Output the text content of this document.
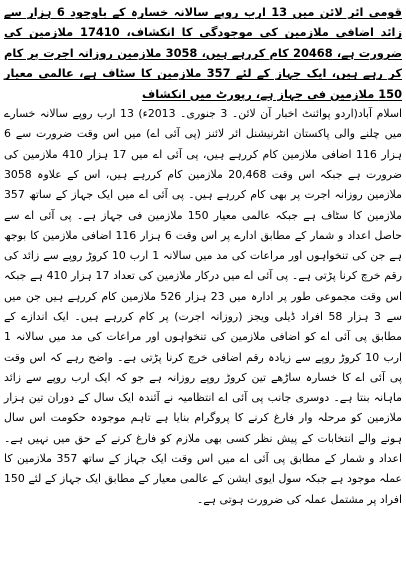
قومی ائر لائن میں 13 ارب روپے سالانہ خسارہ کے باوجود 6 ہزار سے زائد اضافی ملازمین کی موجودگی کا انکشاف، 17410 ملازمین کی ضرورت ہے، 20468 کام کررہے ہیں، 3058 ملازمین روزانہ اجرت پر کام کر رہے ہیں، ایک جہاز کے لئے 357 ملازمین کا سٹاف ہے، عالمی معیار 150 ملازمین فی جہاز ہے، رپورٹ میں انکشاف

اسلام آباد(اردو پوائنٹ اخبار آن لائن۔ 3 جنوری۔ 2013ء) 13 ارب روپے سالانہ خسارے میں چلنے والی پاکستان انٹرنیشنل ائر لائنز (پی آئی اے) میں اس وقت ضرورت سے 6 ہزار 116 اضافی ملازمین کام کررہے ہیں، پی آئی اے میں 17 ہزار 410 ملازمین کی ضرورت ہے جبکہ اس وقت 20,468 ملازمین کام کررہے ہیں، اس کے علاوہ 3058 ملازمین روزانہ اجرت پر بھی کام کررہے ہیں۔ پی آئی اے میں ایک جہاز کے ساتھ 357 ملازمین کا سٹاف ہے جبکہ عالمی معیار 150 ملازمین فی جہاز ہے۔ پی آئی اے سے حاصل اعداد و شمار کے مطابق ادارے پر اس وقت 6 ہزار 116 اضافی ملازمین کا بوجھ ہے جن کی تنخواہوں اور مراعات کی مد میں سالانہ 1 ارب 10 کروڑ روپے سے زائد کی رقم خرچ کرنا پڑتی ہے۔ پی آئی اے میں درکار ملازمین کی تعداد 17 ہزار 410 ہے جبکہ اس وقت مجموعی طور پر ادارہ میں 23 ہزار 526 ملازمین کام کررہے ہیں جن میں سے 3 ہزار 58 افراد ڈیلی ویجز (روزانہ اجرت) پر کام کررہے ہیں۔ ایک اندازے کے مطابق پی آئی اے کو اضافی ملازمین کی تنخواہوں اور مراعات کی مد میں سالانہ 1 ارب 10 کروڑ روپے سے زیادہ رقم اضافی خرچ کرنا پڑتی ہے۔ واضح رہے کہ اس وقت پی آئی اے کا خسارہ ساڑھے تین کروڑ روپے روزانہ ہے جو کہ ایک ارب روپے سے زائد ماہانہ بنتا ہے۔ دوسری جانب پی آئی اے انتظامیہ نے آئندہ ایک سال کے دوران تین ہزار ملازمین کو مرحلہ وار فارغ کرنے کا پروگرام بنایا ہے تاہم موجودہ حکومت اس سال ہونے والے انتخابات کے پیش نظر کسی بھی ملازم کو فارغ کرنے کے حق میں نہیں ہے۔ اعداد و شمار کے مطابق پی آئی اے میں اس وقت ایک جہاز کے ساتھ 357 ملازمین کا عملہ موجود ہے جبکہ سول ایوی ایشن کے عالمی معیار کے مطابق ایک جہاز کے لئے 150 افراد پر مشتمل عملہ کی ضرورت ہوتی ہے۔
